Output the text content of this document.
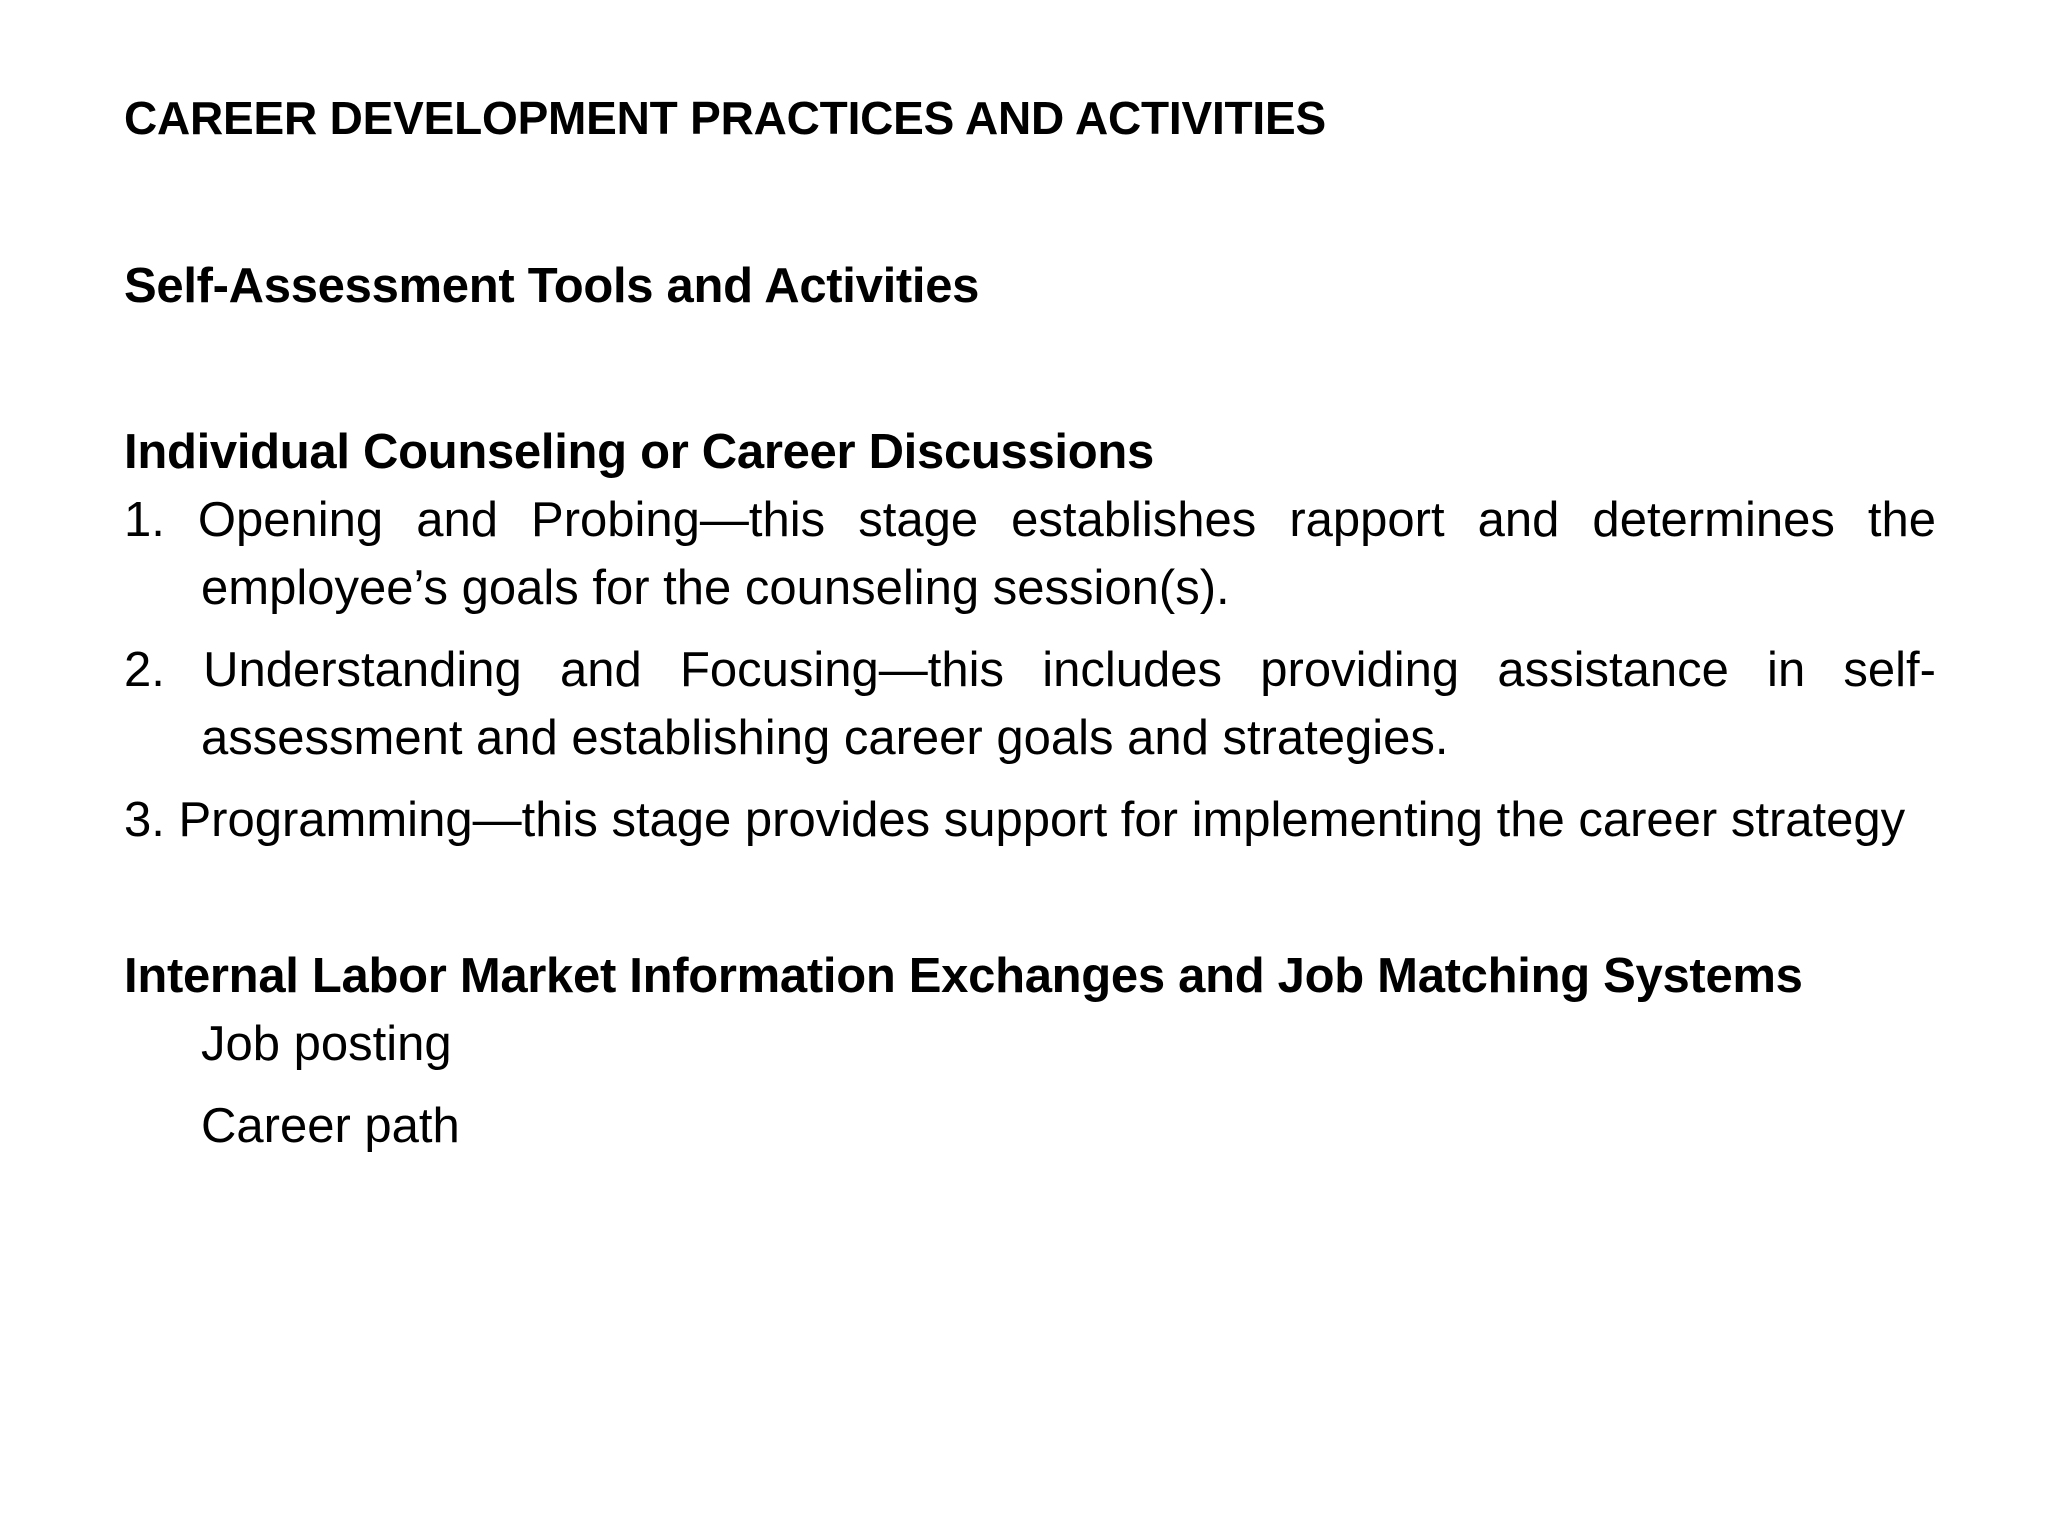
CAREER DEVELOPMENT PRACTICES AND ACTIVITIES
Self-Assessment Tools and Activities
Individual Counseling or Career Discussions
1. Opening and Probing—this stage establishes rapport and determines the employee’s goals for the counseling session(s).
2. Understanding and Focusing—this includes providing assistance in self-assessment and establishing career goals and strategies.
3. Programming—this stage provides support for implementing the career strategy
Internal Labor Market Information Exchanges and Job Matching Systems
Job posting
Career path
